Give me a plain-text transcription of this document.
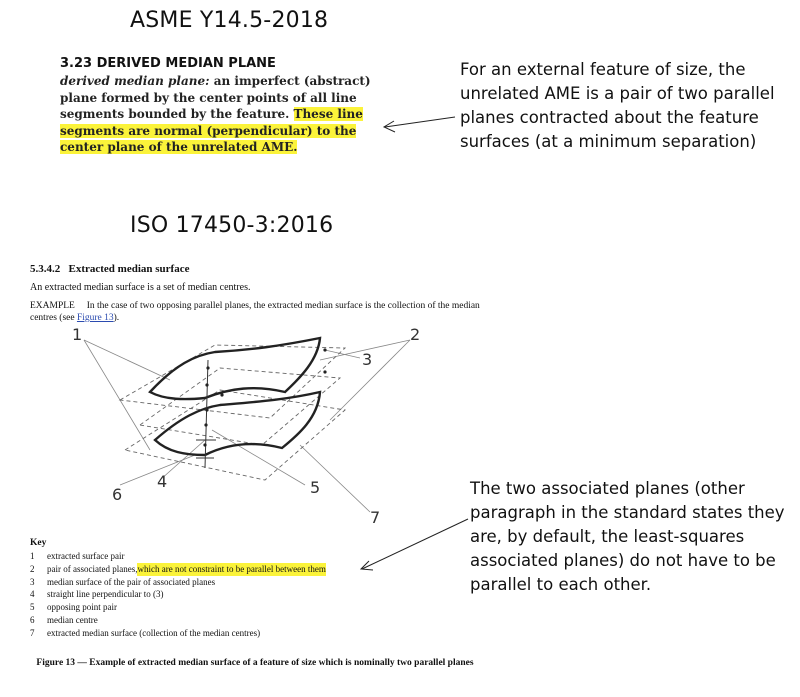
ASME Y14.5-2018
ISO 17450-3:2016
3.23 DERIVED MEDIAN PLANE
derived median plane: an imperfect (abstract) plane formed by the center points of all line segments bounded by the feature. These line segments are normal (perpendicular) to the center plane of the unrelated AME.
For an external feature of size, the unrelated AME is a pair of two parallel planes contracted about the feature surfaces (at a minimum separation)
5.3.4.2 Extracted median surface
An extracted median surface is a set of median centres.
EXAMPLE In the case of two opposing parallel planes, the extracted median surface is the collection of the median centres (see Figure 13).
1	2
3
4	5
6
7
Key
1	extracted surface pair
2	pair of associated planes, which are not constraint to be parallel between them
3	median surface of the pair of associated planes
4	straight line perpendicular to (3)
5	opposing point pair
6	median centre
7	extracted median surface (collection of the median centres)
Figure 13 — Example of extracted median surface of a feature of size which is nominally two parallel planes
The two associated planes (other paragraph in the standard states they are, by default, the least-squares associated planes) do not have to be parallel to each other.
